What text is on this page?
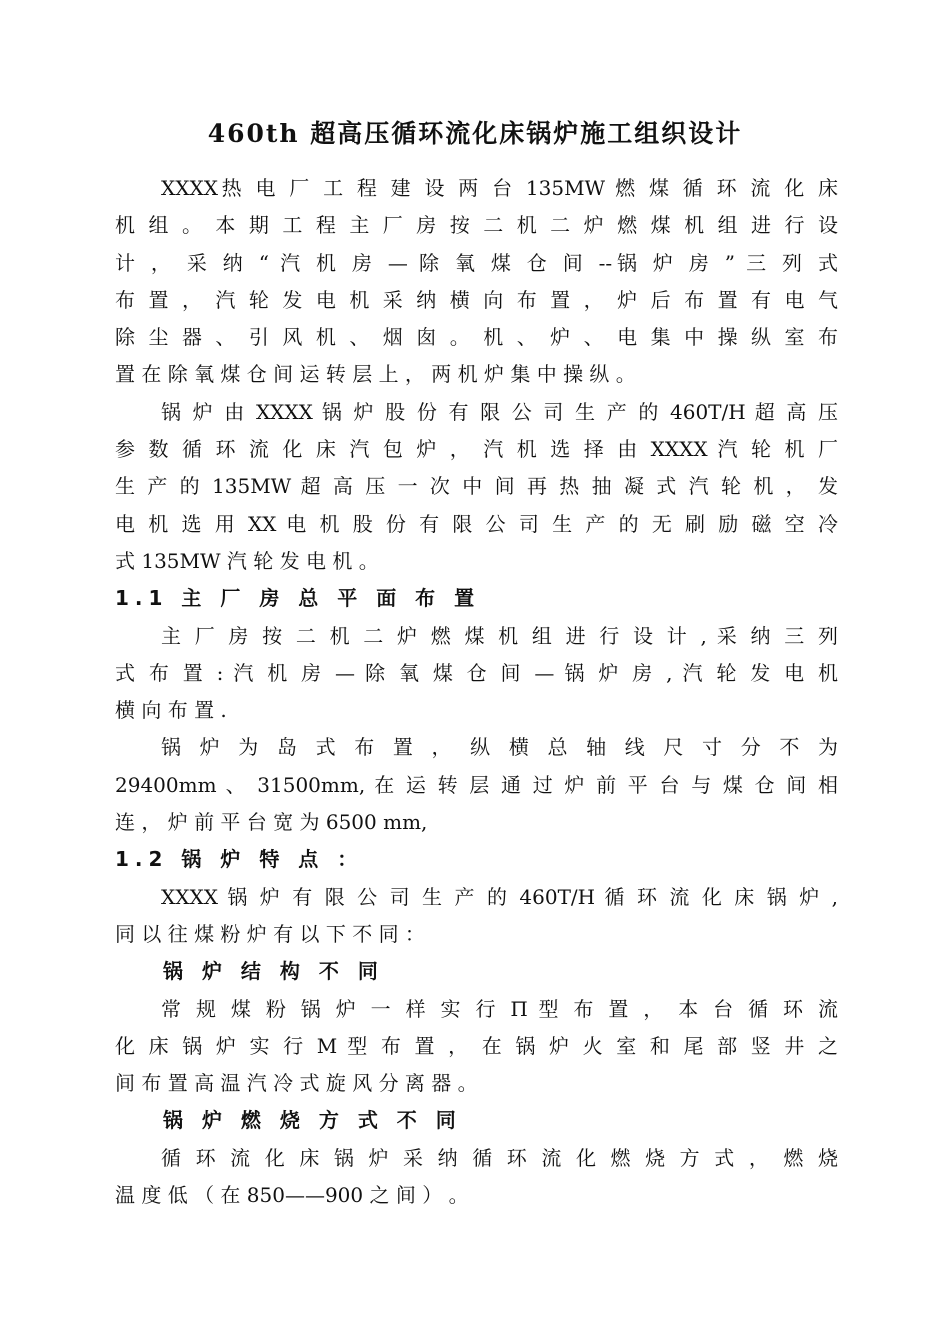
460th 超高压循环流化床锅炉施工组织设计
XXXX热 电 厂 工 程 建 设 两 台 135MW 燃 煤 循 环 流 化 床
机 组 。 本 期 工 程 主 厂 房 按 二 机 二 炉 燃 煤 机 组 进 行 设
计 ， 采 纳 “ 汽 机 房 — 除 氧 煤 仓 间 --锅 炉 房 ” 三 列 式
布 置 ， 汽 轮 发 电 机 采 纳 横 向 布 置 ， 炉 后 布 置 有 电 气
除 尘 器 、 引 风 机 、 烟 囱 。 机 、 炉 、 电 集 中 操 纵 室 布
置 在 除 氧 煤 仓 间 运 转 层 上 ， 两 机 炉 集 中 操 纵 。
锅 炉 由 XXXX 锅 炉 股 份 有 限 公 司 生 产 的 460T/H 超 高 压
参 数 循 环 流 化 床 汽 包 炉 ， 汽 机 选 择 由 XXXX 汽 轮 机 厂
生 产 的 135MW 超 高 压 一 次 中 间 再 热 抽 凝 式 汽 轮 机 ， 发
电 机 选 用 XX 电 机 股 份 有 限 公 司 生 产 的 无 刷 励 磁 空 冷
式 135MW 汽 轮 发 电 机 。
1.1 主 厂 房 总 平 面 布 置
主 厂 房 按 二 机 二 炉 燃 煤 机 组 进 行 设 计 , 采 纳 三 列
式 布 置 : 汽 机 房 — 除 氧 煤 仓 间 — 锅 炉 房 , 汽 轮 发 电 机
横 向 布 置 .
锅 炉 为 岛 式 布 置 ， 纵 横 总 轴 线 尺 寸 分 不 为
29400mm 、 31500mm, 在 运 转 层 通 过 炉 前 平 台 与 煤 仓 间 相
连 ， 炉 前 平 台 宽 为 6500 mm,
1.2 锅 炉 特 点 ：
XXXX 锅 炉 有 限 公 司 生 产 的 460T/H 循 环 流 化 床 锅 炉 ,
同 以 往 煤 粉 炉 有 以 下 不 同 ：
锅 炉 结 构 不 同
常 规 煤 粉 锅 炉 一 样 实 行 Π 型 布 置 ， 本 台 循 环 流
化 床 锅 炉 实 行 M 型 布 置 ， 在 锅 炉 火 室 和 尾 部 竖 井 之
间 布 置 高 温 汽 冷 式 旋 风 分 离 器 。
锅 炉 燃 烧 方 式 不 同
循 环 流 化 床 锅 炉 采 纳 循 环 流 化 燃 烧 方 式 ， 燃 烧
温 度 低 （ 在 850——900 之 间 ） 。
